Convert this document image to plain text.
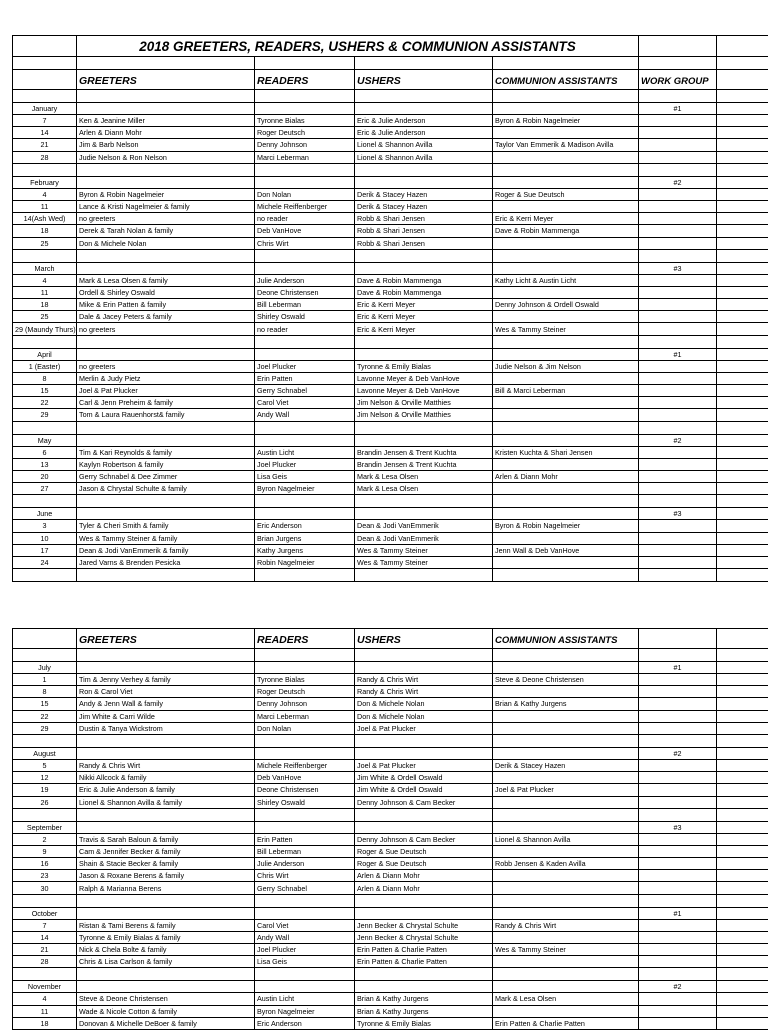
	2018 GREETERS, READERS, USHERS & COMMUNION ASSISTANTS					

	GREETERS	READERS	USHERS	COMMUNION ASSISTANTS	WORK GROUP	

January					#1	
7	Ken & Jeanine Miller	Tyronne Bialas	Eric & Julie Anderson	Byron & Robin Nagelmeier		
14	Arlen & Diann Mohr	Roger Deutsch	Eric & Julie Anderson			
21	Jim & Barb Nelson	Denny Johnson	Lionel & Shannon Avilla	Taylor Van Emmerik & Madison Avilla		
28	Judie Nelson & Ron Nelson	Marci Leberman	Lionel & Shannon Avilla			

February					#2	
4	Byron & Robin Nagelmeier	Don Nolan	Derik & Stacey Hazen	Roger & Sue Deutsch		
11	Lance & Kristi Nagelmeier & family	Michele Reiffenberger	Derik & Stacey Hazen			
14(Ash Wed)	no greeters	no reader	Robb & Shari Jensen	Eric & Kerri Meyer		
18	Derek & Tarah Nolan & family	Deb VanHove	Robb & Shari Jensen	Dave & Robin Mammenga		
25	Don & Michele Nolan	Chris Wirt	Robb & Shari Jensen			

March					#3	
4	Mark & Lesa Olsen & family	Julie Anderson	Dave & Robin Mammenga	Kathy Licht & Austin Licht		
11	Ordell & Shirley Oswald	Deone Christensen	Dave & Robin Mammenga			
18	Mike & Erin Patten & family	Bill Leberman	Eric & Kerri Meyer	Denny Johnson & Ordell Oswald		
25	Dale & Jacey Peters & family	Shirley Oswald	Eric & Kerri Meyer			
29 (Maundy Thurs)	no greeters	no reader	Eric & Kerri Meyer	Wes & Tammy Steiner		

April					#1	
1 (Easter)	no greeters	Joel Plucker	Tyronne & Emily Bialas	Judie Nelson & Jim Nelson		
8	Merlin & Judy Pietz	Erin Patten	Lavonne Meyer & Deb VanHove			
15	Joel & Pat Plucker	Gerry Schnabel	Lavonne Meyer & Deb VanHove	Bill & Marci Leberman		
22	Carl & Jenn Preheim & family	Carol Viet	Jim Nelson & Orville Matthies			
29	Tom & Laura Rauenhorst& family	Andy Wall	Jim Nelson & Orville Matthies			

May					#2	
6	Tim & Kari Reynolds & family	Austin Licht	Brandin Jensen & Trent Kuchta	Kristen Kuchta & Shari Jensen		
13	Kaylyn Robertson & family	Joel Plucker	Brandin Jensen & Trent Kuchta			
20	Gerry Schnabel & Dee Zimmer	Lisa Geis	Mark & Lesa Olsen	Arlen & Diann Mohr		
27	Jason & Chrystal Schulte & family	Byron Nagelmeier	Mark & Lesa Olsen			

June					#3	
3	Tyler & Cheri Smith & family	Eric Anderson	Dean & Jodi VanEmmerik	Byron & Robin Nagelmeier		
10	Wes & Tammy Steiner & family	Brian Jurgens	Dean & Jodi VanEmmerik			
17	Dean & Jodi VanEmmerik & family	Kathy Jurgens	Wes & Tammy Steiner	Jenn Wall & Deb VanHove		
24	Jared Varns & Brenden Pesicka	Robin Nagelmeier	Wes & Tammy Steiner			

	GREETERS	READERS	USHERS	COMMUNION ASSISTANTS		

July					#1	
1	Tim & Jenny Verhey & family	Tyronne Bialas	Randy & Chris Wirt	Steve & Deone Christensen		
8	Ron & Carol Viet	Roger Deutsch	Randy & Chris Wirt			
15	Andy & Jenn Wall & family	Denny Johnson	Don & Michele Nolan	Brian & Kathy Jurgens		
22	Jim White & Carri Wilde	Marci Leberman	Don & Michele Nolan			
29	Dustin & Tanya Wickstrom	Don Nolan	Joel & Pat Plucker			

August					#2	
5	Randy & Chris Wirt	Michele Reiffenberger	Joel & Pat Plucker	Derik & Stacey Hazen		
12	Nikki Allcock & family	Deb VanHove	Jim White & Ordell Oswald			
19	Eric & Julie Anderson & family	Deone Christensen	Jim White & Ordell Oswald	Joel & Pat Plucker		
26	Lionel & Shannon Avilla & family	Shirley Oswald	Denny Johnson & Cam Becker			

September					#3	
2	Travis & Sarah Baloun & family	Erin Patten	Denny Johnson & Cam Becker	Lionel & Shannon Avilla		
9	Cam & Jennifer Becker & family	Bill Leberman	Roger & Sue Deutsch			
16	Shain & Stacie Becker & family	Julie Anderson	Roger & Sue Deutsch	Robb Jensen & Kaden Avilla		
23	Jason & Roxane Berens & family	Chris Wirt	Arlen & Diann Mohr			
30	Ralph & Marianna Berens	Gerry Schnabel	Arlen & Diann Mohr			

October					#1	
7	Ristan & Tami Berens & family	Carol Viet	Jenn Becker & Chrystal Schulte	Randy & Chris Wirt		
14	Tyronne & Emily Bialas & family	Andy Wall	Jenn Becker & Chrystal Schulte			
21	Nick & Chela Bolte & family	Joel Plucker	Erin Patten & Charlie Patten	Wes & Tammy Steiner		
28	Chris & Lisa Carlson & family	Lisa Geis	Erin Patten & Charlie Patten			

November					#2	
4	Steve & Deone Christensen	Austin Licht	Brian & Kathy Jurgens	Mark & Lesa Olsen		
11	Wade & Nicole Cotton & family	Byron Nagelmeier	Brian & Kathy Jurgens			
18	Donovan & Michelle DeBoer & family	Eric Anderson	Tyronne & Emily Bialas	Erin Patten & Charlie Patten		
